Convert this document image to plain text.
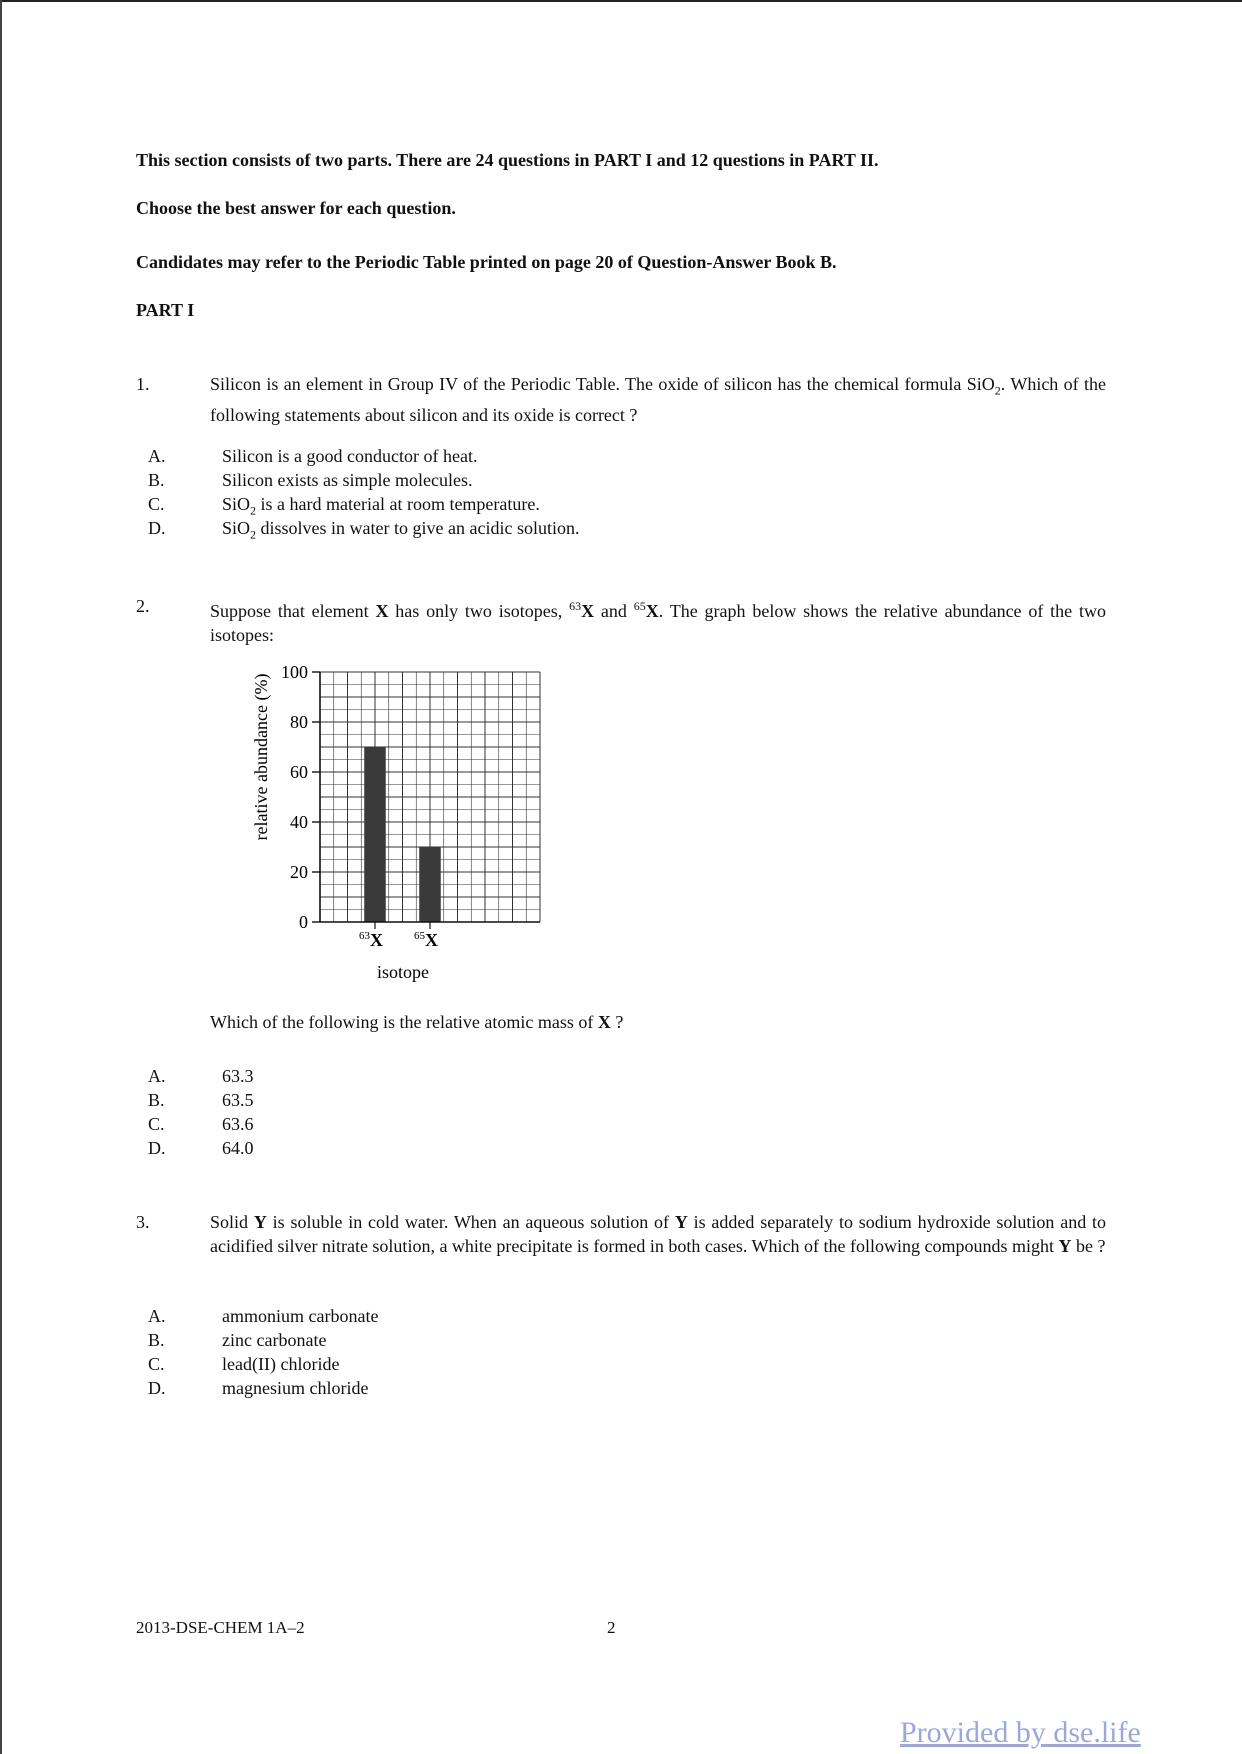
This section consists of two parts. There are 24 questions in PART I and 12 questions in PART II.
Choose the best answer for each question.
Candidates may refer to the Periodic Table printed on page 20 of Question-Answer Book B.
PART I
1.	Silicon is an element in Group IV of the Periodic Table. The oxide of silicon has the chemical formula SiO$_2$. Which of the following statements about silicon and its oxide is correct ?
A.	Silicon is a good conductor of heat.
B.	Silicon exists as simple molecules.
C.	SiO$_2$ is a hard material at room temperature.
D.	SiO$_2$ dissolves in water to give an acidic solution.
2.	Suppose that element X has only two isotopes, $^{63}$X and $^{65}$X. The graph below shows the relative abundance of the two isotopes:
0
20
40
60
80
100
$^{63}$X	$^{65}$X
relative abundance (%)
isotope
Which of the following is the relative atomic mass of X ?
A.	63.3
B.	63.5
C.	63.6
D.	64.0
3.	Solid Y is soluble in cold water. When an aqueous solution of Y is added separately to sodium hydroxide solution and to acidified silver nitrate solution, a white precipitate is formed in both cases. Which of the following compounds might Y be ?
A.	ammonium carbonate
B.	zinc carbonate
C.	lead(II) chloride
D.	magnesium chloride
2013-DSE-CHEM 1A–2	2
Provided by dse.life
